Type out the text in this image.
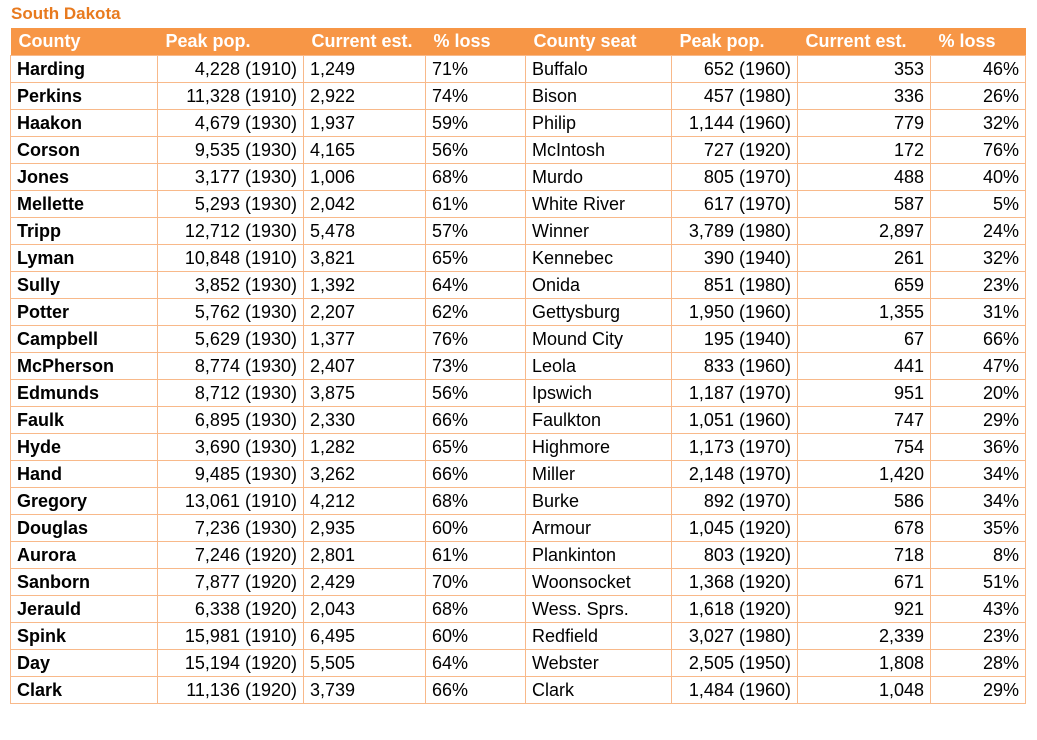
South Dakota
County	Peak pop.	Current est.	% loss	County seat	Peak pop.	Current est.	% loss
Harding	4,228 (1910)	1,249	71%	Buffalo	652 (1960)	353	46%
Perkins	11,328 (1910)	2,922	74%	Bison	457 (1980)	336	26%
Haakon	4,679 (1930)	1,937	59%	Philip	1,144 (1960)	779	32%
Corson	9,535 (1930)	4,165	56%	McIntosh	727 (1920)	172	76%
Jones	3,177 (1930)	1,006	68%	Murdo	805 (1970)	488	40%
Mellette	5,293 (1930)	2,042	61%	White River	617 (1970)	587	5%
Tripp	12,712 (1930)	5,478	57%	Winner	3,789 (1980)	2,897	24%
Lyman	10,848 (1910)	3,821	65%	Kennebec	390 (1940)	261	32%
Sully	3,852 (1930)	1,392	64%	Onida	851 (1980)	659	23%
Potter	5,762 (1930)	2,207	62%	Gettysburg	1,950 (1960)	1,355	31%
Campbell	5,629 (1930)	1,377	76%	Mound City	195 (1940)	67	66%
McPherson	8,774 (1930)	2,407	73%	Leola	833 (1960)	441	47%
Edmunds	8,712 (1930)	3,875	56%	Ipswich	1,187 (1970)	951	20%
Faulk	6,895 (1930)	2,330	66%	Faulkton	1,051 (1960)	747	29%
Hyde	3,690 (1930)	1,282	65%	Highmore	1,173 (1970)	754	36%
Hand	9,485 (1930)	3,262	66%	Miller	2,148 (1970)	1,420	34%
Gregory	13,061 (1910)	4,212	68%	Burke	892 (1970)	586	34%
Douglas	7,236 (1930)	2,935	60%	Armour	1,045 (1920)	678	35%
Aurora	7,246 (1920)	2,801	61%	Plankinton	803 (1920)	718	8%
Sanborn	7,877 (1920)	2,429	70%	Woonsocket	1,368 (1920)	671	51%
Jerauld	6,338 (1920)	2,043	68%	Wess. Sprs.	1,618 (1920)	921	43%
Spink	15,981 (1910)	6,495	60%	Redfield	3,027 (1980)	2,339	23%
Day	15,194 (1920)	5,505	64%	Webster	2,505 (1950)	1,808	28%
Clark	11,136 (1920)	3,739	66%	Clark	1,484 (1960)	1,048	29%
